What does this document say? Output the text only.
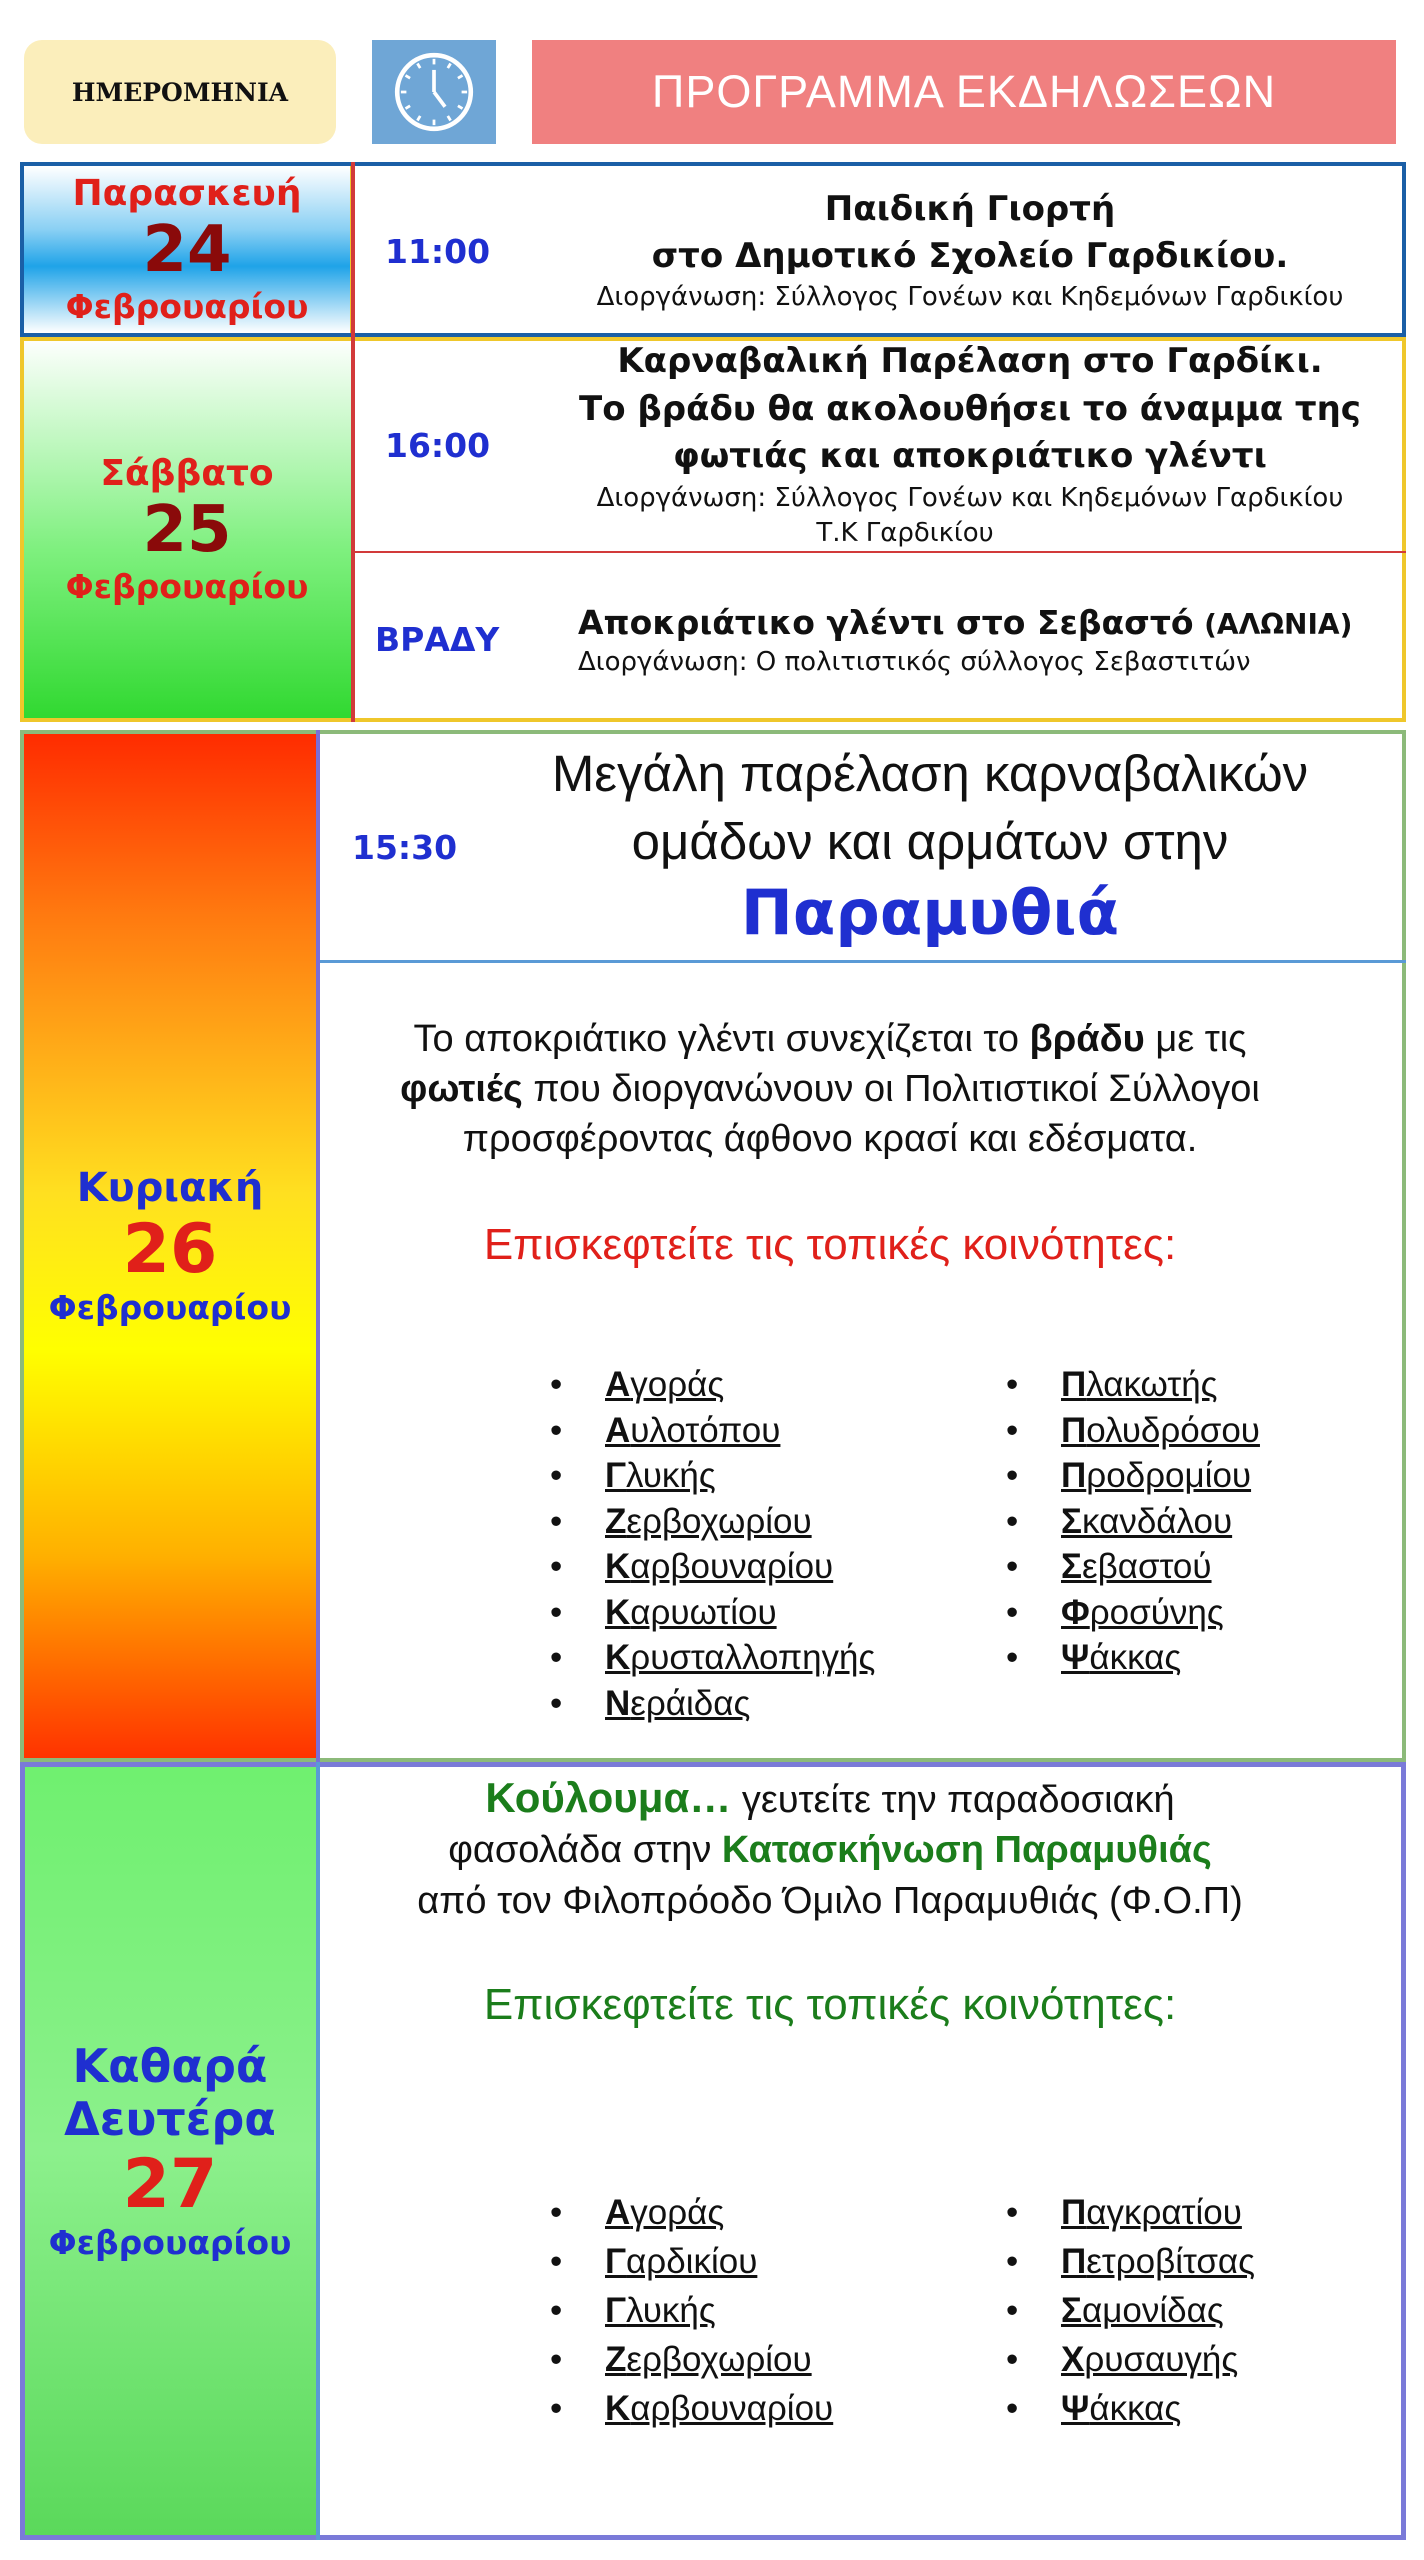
ΗΜΕΡΟΜΗΝΙΑ	ΠΡΟΓΡΑΜΜΑ ΕΚΔΗΛΩΣΕΩΝ
Παρασκευή
24
Φεβρουαρίου
11:00
Παιδική Γιορτή
στο Δημοτικό Σχολείο Γαρδικίου.
Διοργάνωση: Σύλλογος Γονέων και Κηδεμόνων Γαρδικίου
Σάββατο
25
Φεβρουαρίου
16:00
Καρναβαλική Παρέλαση στο Γαρδίκι.
Το βράδυ θα ακολουθήσει το άναμμα της
φωτιάς και αποκριάτικο γλέντι
Διοργάνωση: Σύλλογος Γονέων και Κηδεμόνων Γαρδικίου
Τ.Κ Γαρδικίου
ΒΡΑΔΥ Αποκριάτικο γλέντι στο Σεβαστό (ΑΛΩΝΙΑ)
Διοργάνωση: Ο πολιτιστικός σύλλογος Σεβαστιτών
Κυριακή
26
Φεβρουαρίου
15:30
Μεγάλη παρέλαση καρναβαλικών
ομάδων και αρμάτων στην
Παραμυθιά
Το αποκριάτικο γλέντι συνεχίζεται το βράδυ με τις
φωτιές που διοργανώνουν οι Πολιτιστικοί Σύλλογοι
προσφέροντας άφθονο κρασί και εδέσματα.
Επισκεφτείτε τις τοπικές κοινότητες:
• Αγοράς
• Αυλοτόπου
• Γλυκής
• Ζερβοχωρίου
• Καρβουναρίου
• Καρυωτίου
• Κρυσταλλοπηγής
• Νεράιδας
• Πλακωτής
• Πολυδρόσου
• Προδρομίου
• Σκανδάλου
• Σεβαστού
• Φροσύνης
• Ψάκκας
Καθαρά
Δευτέρα
27
Φεβρουαρίου
Κούλουμα… γευτείτε την παραδοσιακή
φασολάδα στην Κατασκήνωση Παραμυθιάς
από τον Φιλοπρόοδο Όμιλο Παραμυθιάς (Φ.Ο.Π)
Επισκεφτείτε τις τοπικές κοινότητες:
• Αγοράς
• Γαρδικίου
• Γλυκής
• Ζερβοχωρίου
• Καρβουναρίου
• Παγκρατίου
• Πετροβίτσας
• Σαμονίδας
• Χρυσαυγής
• Ψάκκας
